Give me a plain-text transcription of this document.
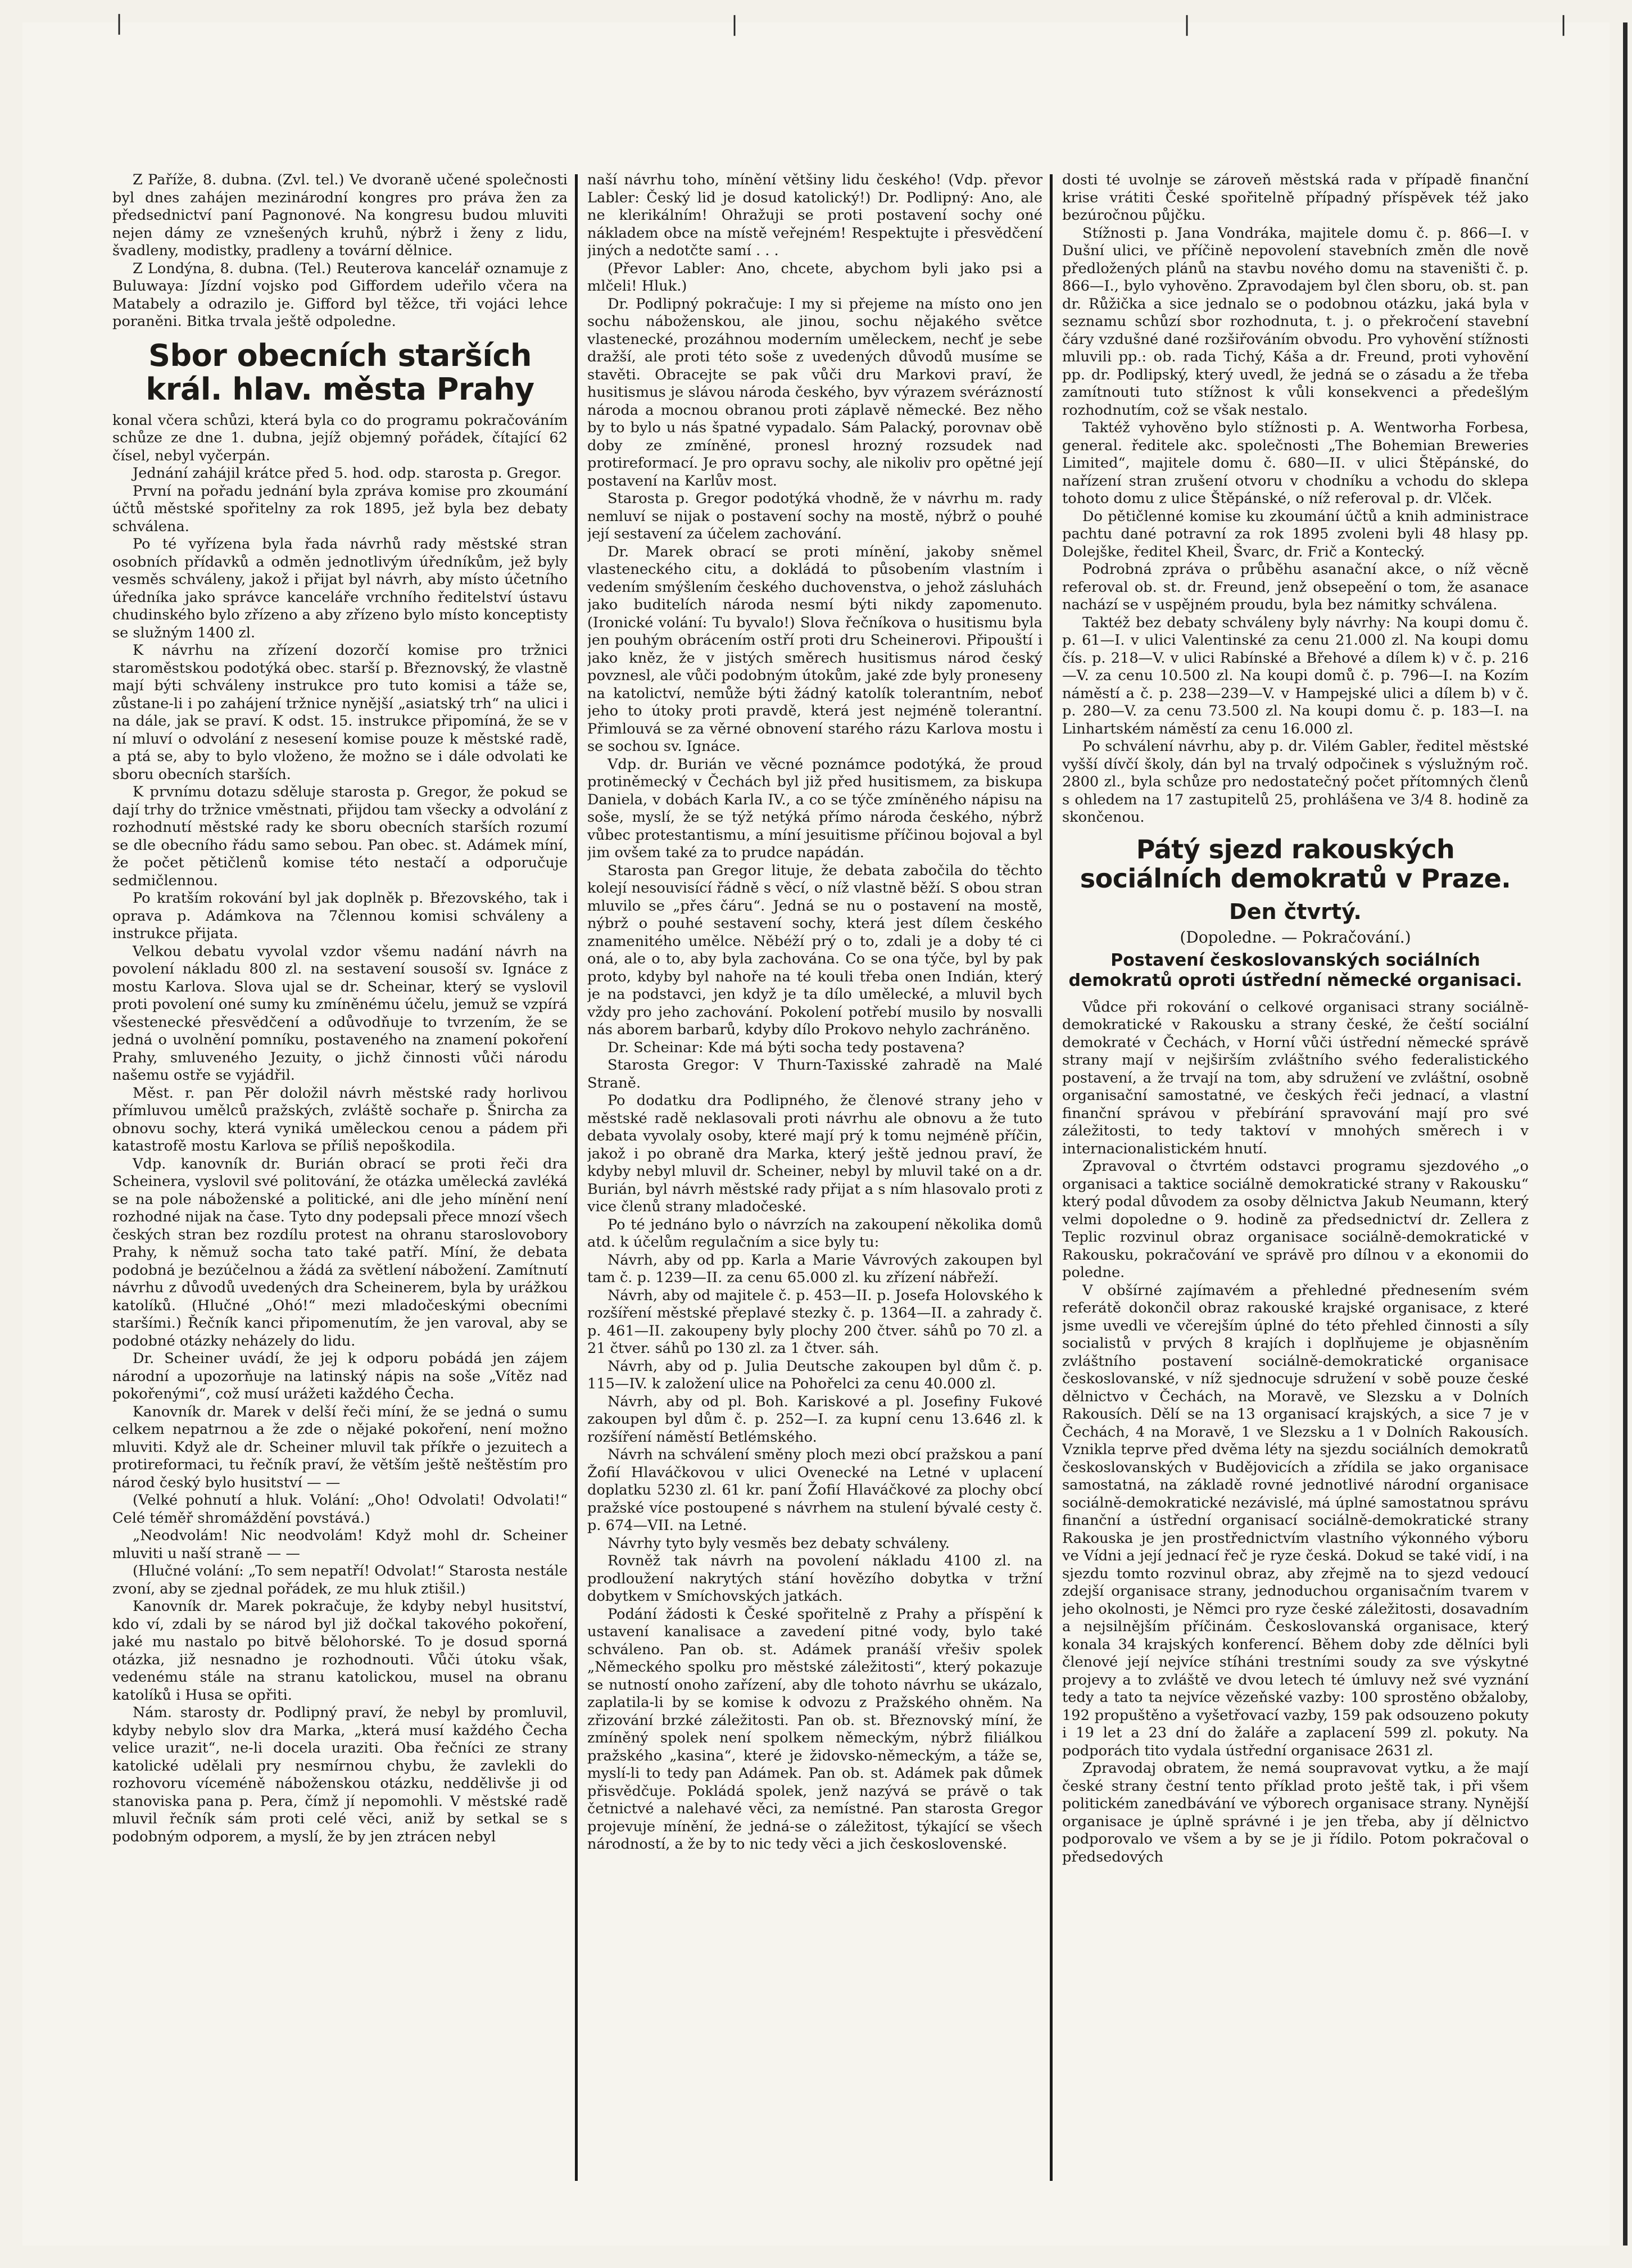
ᛁ	ᛁ	ᛁ	ᛁ

Z Paříže, 8. dubna. (Zvl. tel.) Ve dvoraně učené společnosti byl dnes zahájen mezinárodní kongres pro práva žen za předsednictví paní Pagnonové. Na kongresu budou mluviti nejen dámy ze vznešených kruhů, nýbrž i ženy z lidu, švadleny, modistky, pradleny a tovární dělnice.

Z Londýna, 8. dubna. (Tel.) Reuterova kancelář oznamuje z Buluwaya: Jízdní vojsko pod Giffordem udeřilo včera na Matabely a odrazilo je. Gifford byl těžce, tři vojáci lehce poraněni. Bitka trvala ještě odpoledne.

Sbor obecních starších král. hlav. města Prahy

konal včera schůzi, která byla co do programu pokračováním schůze ze dne 1. dubna, jejíž objemný pořádek, čítající 62 čísel, nebyl vyčerpán.

Jednání zahájil krátce před 5. hod. odp. starosta p. Gregor.

První na pořadu jednání byla zpráva komise pro zkoumání účtů městské spořitelny za rok 1895, jež byla bez debaty schválena.

Po té vyřízena byla řada návrhů rady městské stran osobních přídavků a odměn jednotlivým úředníkům, jež byly vesměs schváleny, jakož i přijat byl návrh, aby místo účetního úředníka jako správce kanceláře vrchního ředitelství ústavu chudinského bylo zřízeno a aby zřízeno bylo místo konceptisty se služným 1400 zl.

K návrhu na zřízení dozorčí komise pro tržnici staroměstskou podotýká obec. starší p. Březnovský, že vlastně mají býti schváleny instrukce pro tuto komisi a táže se, zůstane-li i po zahájení tržnice nynější „asiatský trh“ na ulici i na dále, jak se praví. K odst. 15. instrukce připomíná, že se v ní mluví o odvolání z nesesení komise pouze k městské radě, a ptá se, aby to bylo vloženo, že možno se i dále odvolati ke sboru obecních starších.

K prvnímu dotazu sděluje starosta p. Gregor, že pokud se dají trhy do tržnice vměstnati, přijdou tam všecky a odvolání z rozhodnutí městské rady ke sboru obecních starších rozumí se dle obecního řádu samo sebou. Pan obec. st. Adámek míní, že počet pětičlenů komise této nestačí a odporučuje sedmičlennou.

Po kratším rokování byl jak doplněk p. Březovského, tak i oprava p. Adámkova na 7člennou komisi schváleny a instrukce přijata.

Velkou debatu vyvolal vzdor všemu nadání návrh na povolení nákladu 800 zl. na sestavení sousoší sv. Ignáce z mostu Karlova. Slova ujal se dr. Scheinar, který se vyslovil proti povolení oné sumy ku zmíněnému účelu, jemuž se vzpírá všestenecké přesvědčení a odůvodňuje to tvrzením, že se jedná o uvolnění pomníku, postaveného na znamení pokoření Prahy, smluveného Jezuity, o jichž činnosti vůči národu našemu ostře se vyjádřil.

Měst. r. pan Pěr doložil návrh městské rady horlivou přímluvou umělců pražských, zvláště sochaře p. Šnircha za obnovu sochy, která vyniká uměleckou cenou a pádem při katastrofě mostu Karlova se příliš nepoškodila.

Vdp. kanovník dr. Burián obrací se proti řeči dra Scheinera, vyslovil své politování, že otázka umělecká zavléká se na pole náboženské a politické, ani dle jeho mínění není rozhodné nijak na čase. Tyto dny podepsali přece mnozí všech českých stran bez rozdílu protest na ohranu staroslovobory Prahy, k němuž socha tato také patří. Míní, že debata podobná je bezúčelnou a žádá za světlení nábožení. Zamítnutí návrhu z důvodů uvedených dra Scheinerem, byla by urážkou katolíků. (Hlučné „Ohó!“ mezi mladočeskými obecními staršími.) Řečník kanci připomenutím, že jen varoval, aby se podobné otázky neházely do lidu.

Dr. Scheiner uvádí, že jej k odporu pobádá jen zájem národní a upozorňuje na latinský nápis na soše „Vítěz nad pokořenými“, což musí urážeti každého Čecha.

Kanovník dr. Marek v delší řeči míní, že se jedná o sumu celkem nepatrnou a že zde o nějaké pokoření, není možno mluviti. Když ale dr. Scheiner mluvil tak příkře o jezuitech a protireformaci, tu řečník praví, že větším ještě neštěstím pro národ český bylo husitství — —

(Velké pohnutí a hluk. Volání: „Oho! Odvolati! Odvolati!“ Celé téměř shromáždění povstává.)

„Neodvolám! Nic neodvolám! Když mohl dr. Scheiner mluviti u naší straně — —

(Hlučné volání: „To sem nepatří! Odvolat!“ Starosta nestále zvoní, aby se zjednal pořádek, ze mu hluk ztišil.)

Kanovník dr. Marek pokračuje, že kdyby nebyl husitství, kdo ví, zdali by se národ byl již dočkal takového pokoření, jaké mu nastalo po bitvě bělohorské. To je dosud sporná otázka, již nesnadno je rozhodnouti. Vůči útoku však, vedenému stále na stranu katolickou, musel na obranu katolíků i Husa se opřiti.

Nám. starosty dr. Podlipný praví, že nebyl by promluvil, kdyby nebylo slov dra Marka, „která musí každého Čecha velice urazit“, ne-li docela uraziti. Oba řečníci ze strany katolické udělali pry nesmírnou chybu, že zavlekli do rozhovoru víceméně náboženskou otázku, neddělivše ji od stanoviska pana p. Pera, čímž jí nepomohli. V městské radě mluvil řečník sám proti celé věci, aniž by setkal se s podobným odporem, a myslí, že by jen ztrácen nebyl

naší návrhu toho, mínění většiny lidu českého! (Vdp. převor Labler: Český lid je dosud katolický!) Dr. Podlipný: Ano, ale ne klerikálním! Ohražuji se proti postavení sochy oné nákladem obce na místě veřejném! Respektujte i přesvědčení jiných a nedotčte samí . . .

(Převor Labler: Ano, chcete, abychom byli jako psi a mlčeli! Hluk.)

Dr. Podlipný pokračuje: I my si přejeme na místo ono jen sochu náboženskou, ale jinou, sochu nějakého světce vlastenecké, prozáhnou moderním uměleckem, nechť je sebe dražší, ale proti této soše z uvedených důvodů musíme se stavěti. Obracejte se pak vůči dru Markovi praví, že husitismus je slávou národa českého, byv výrazem svérázností národa a mocnou obranou proti záplavě německé. Bez něho by to bylo u nás špatné vypadalo. Sám Palacký, porovnav obě doby ze zmíněné, pronesl hrozný rozsudek nad protireformací. Je pro opravu sochy, ale nikoliv pro opětné její postavení na Karlův most.

Starosta p. Gregor podotýká vhodně, že v návrhu m. rady nemluví se nijak o postavení sochy na mostě, nýbrž o pouhé její sestavení za účelem zachování.

Dr. Marek obrací se proti mínění, jakoby sněmel vlasteneckého citu, a dokládá to působením vlastním i vedením smýšlením českého duchovenstva, o jehož zásluhách jako buditelích národa nesmí býti nikdy zapomenuto. (Ironické volání: Tu byvalo!) Slova řečníkova o husitismu byla jen pouhým obrácením ostří proti dru Scheinerovi. Připouští i jako kněz, že v jistých směrech husitismus národ český povznesl, ale vůči podobným útokům, jaké zde byly proneseny na katolictví, nemůže býti žádný katolík tolerantním, neboť jeho to útoky proti pravdě, která jest nejméně tolerantní. Přimlouvá se za věrné obnovení starého rázu Karlova mostu i se sochou sv. Ignáce.

Vdp. dr. Burián ve věcné poznámce podotýká, že proud protiněmecký v Čechách byl již před husitismem, za biskupa Daniela, v dobách Karla IV., a co se týče zmíněného nápisu na soše, myslí, že se týž netýká přímo národa českého, nýbrž vůbec protestantismu, a míní jesuitisme příčinou bojoval a byl jim ovšem také za to prudce napádán.

Starosta pan Gregor lituje, že debata zabočila do těchto kolejí nesouvisící řádně s věcí, o níž vlastně běží. S obou stran mluvilo se „přes čáru“. Jedná se nu o postavení na mostě, nýbrž o pouhé sestavení sochy, která jest dílem českého znamenitého umělce. Něbéží prý o to, zdali je a doby té ci oná, ale o to, aby byla zachována. Co se ona týče, byl by pak proto, kdyby byl nahoře na té kouli třeba onen Indián, který je na podstavci, jen když je ta dílo umělecké, a mluvil bych vždy pro jeho zachování. Pokolení potřebí musilo by nosvalli nás aborem barbarů, kdyby dílo Prokovo nehylo zachráněno.

Dr. Scheinar: Kde má býti socha tedy postavena?

Starosta Gregor: V Thurn-Taxisské zahradě na Malé Straně.

Po dodatku dra Podlipného, že členové strany jeho v městské radě neklasovali proti návrhu ale obnovu a že tuto debata vyvolaly osoby, které mají prý k tomu nejméně příčin, jakož i po obraně dra Marka, který ještě jednou praví, že kdyby nebyl mluvil dr. Scheiner, nebyl by mluvil také on a dr. Burián, byl návrh městské rady přijat a s ním hlasovalo proti z vice členů strany mladočeské.

Po té jednáno bylo o návrzích na zakoupení několika domů atd. k účelům regulačním a sice byly tu:

Návrh, aby od pp. Karla a Marie Vávrových zakoupen byl tam č. p. 1239—II. za cenu 65.000 zl. ku zřízení nábřeží.

Návrh, aby od majitele č. p. 453—II. p. Josefa Holovského k rozšíření městské přeplavé stezky č. p. 1364—II. a zahrady č. p. 461—II. zakoupeny byly plochy 200 čtver. sáhů po 70 zl. a 21 čtver. sáhů po 130 zl. za 1 čtver. sáh.

Návrh, aby od p. Julia Deutsche zakoupen byl dům č. p. 115—IV. k založení ulice na Pohořelci za cenu 40.000 zl.

Návrh, aby od pl. Boh. Kariskové a pl. Josefiny Fukové zakoupen byl dům č. p. 252—I. za kupní cenu 13.646 zl. k rozšíření náměstí Betlémského.

Návrh na schválení směny ploch mezi obcí pražskou a paní Žofií Hlaváčkovou v ulici Ovenecké na Letné v uplacení doplatku 5230 zl. 61 kr. paní Žofií Hlaváčkové za plochy obcí pražské více postoupené s návrhem na stulení bývalé cesty č. p. 674—VII. na Letné.

Návrhy tyto byly vesměs bez debaty schváleny.

Rovněž tak návrh na povolení nákladu 4100 zl. na prodloužení nakrytých stání hovězího dobytka v tržní dobytkem v Smíchovských jatkách.

Podání žádosti k České spořitelně z Prahy a příspění k ustavení kanalisace a zavedení pitné vody, bylo také schváleno. Pan ob. st. Adámek pranáší vřešiv spolek „Německého spolku pro městské záležitosti“, který pokazuje se nutností onoho zařízení, aby dle tohoto návrhu se ukázalo, zaplatila-li by se komise k odvozu z Pražského ohněm. Na zřizování brzké záležitosti. Pan ob. st. Březnovský míní, že zmíněný spolek není spolkem německým, nýbrž filiálkou pražského „kasina“, které je židovsko-německým, a táže se, myslí-li to tedy pan Adámek. Pan ob. st. Adámek pak důmek přisvědčuje. Pokládá spolek, jenž nazývá se právě o tak četnictvé a nalehavé věci, za nemístné. Pan starosta Gregor projevuje mínění, že jedná-se o záležitost, týkající se všech národností, a že by to nic tedy věci a jich československé.

dosti té uvolnje se zároveň městská rada v případě finanční krise vrátiti České spořitelně případný příspěvek též jako bezúročnou půjčku.

Stížnosti p. Jana Vondráka, majitele domu č. p. 866—I. v Dušní ulici, ve příčině nepovolení stavebních změn dle nově předložených plánů na stavbu nového domu na staveništi č. p. 866—I., bylo vyhověno. Zpravodajem byl člen sboru, ob. st. pan dr. Růžička a sice jednalo se o podobnou otázku, jaká byla v seznamu schůzí sbor rozhodnuta, t. j. o překročení stavební čáry vzdušné dané rozšiřováním obvodu. Pro vyhovění stížnosti mluvili pp.: ob. rada Tichý, Káša a dr. Freund, proti vyhovění pp. dr. Podlipský, který uvedl, že jedná se o zásadu a že třeba zamítnouti tuto stížnost k vůli konsekvenci a předešlým rozhodnutím, což se však nestalo.

Taktéž vyhověno bylo stížnosti p. A. Wentworha Forbesa, general. ředitele akc. společnosti „The Bohemian Breweries Limited“, majitele domu č. 680—II. v ulici Štěpánské, do nařízení stran zrušení otvoru v chodníku a vchodu do sklepa tohoto domu z ulice Štěpánské, o níž referoval p. dr. Vlček.

Do pětičlenné komise ku zkoumání účtů a knih administrace pachtu dané potravní za rok 1895 zvoleni byli 48 hlasy pp. Dolejške, ředitel Kheil, Švarc, dr. Frič a Kontecký.

Podrobná zpráva o průběhu asanační akce, o níž věcně referoval ob. st. dr. Freund, jenž obsepeění o tom, že asanace nachází se v uspějném proudu, byla bez námitky schválena.

Taktéž bez debaty schváleny byly návrhy: Na koupi domu č. p. 61—I. v ulici Valentinské za cenu 21.000 zl. Na koupi domu čís. p. 218—V. v ulici Rabínské a Břehové a dílem k) v č. p. 216—V. za cenu 10.500 zl. Na koupi domů č. p. 796—I. na Kozím náměstí a č. p. 238—239—V. v Hampejské ulici a dílem b) v č. p. 280—V. za cenu 73.500 zl. Na koupi domu č. p. 183—I. na Linhartském náměstí za cenu 16.000 zl.

Po schválení návrhu, aby p. dr. Vilém Gabler, ředitel městské vyšší dívčí školy, dán byl na trvalý odpočinek s výslužným roč. 2800 zl., byla schůze pro nedostatečný počet přítomných členů s ohledem na 17 zastupitelů 25, prohlášena ve 3/4 8. hodině za skončenou.

Pátý sjezd rakouských sociálních demokratů v Praze.
Den čtvrtý.
(Dopoledne. — Pokračování.)
Postavení českoslovanských sociálních demokratů oproti ústřední německé organisaci.

Vůdce při rokování o celkové organisaci strany sociálně-demokratické v Rakousku a strany české, že čeští sociální demokraté v Čechách, v Horní vůči ústřední německé správě strany mají v nejširším zvláštního svého federalistického postavení, a že trvají na tom, aby sdružení ve zvláštní, osobně organisační samostatné, ve českých řeči jednací, a vlastní finanční správou v přebírání spravování mají pro své záležitosti, to tedy taktoví v mnohých směrech i v internacionalistickém hnutí.

Zpravoval o čtvrtém odstavci programu sjezdového „o organisaci a taktice sociálně demokratické strany v Rakousku“ který podal důvodem za osoby dělnictva Jakub Neumann, který velmi dopoledne o 9. hodině za předsednictví dr. Zellera z Teplic rozvinul obraz organisace sociálně-demokratické v Rakousku, pokračování ve správě pro dílnou v a ekonomii do poledne.

V obšírné zajímavém a přehledné přednesením svém referátě dokončil obraz rakouské krajské organisace, z které jsme uvedli ve včerejším úplné do této přehled činnosti a síly socialistů v prvých 8 krajích i doplňujeme je objasněním zvláštního postavení sociálně-demokratické organisace českoslovanské, v níž sjednocuje sdružení v sobě pouze české dělnictvo v Čechách, na Moravě, ve Slezsku a v Dolních Rakousích. Dělí se na 13 organisací krajských, a sice 7 je v Čechách, 4 na Moravě, 1 ve Slezsku a 1 v Dolních Rakousích. Vznikla teprve před dvěma léty na sjezdu sociálních demokratů českoslovanských v Budějovicích a zřídila se jako organisace samostatná, na základě rovné jednotlivé národní organisace sociálně-demokratické nezávislé, má úplné samostatnou správu finanční a ústřední organisací sociálně-demokratické strany Rakouska je jen prostřednictvím vlastního výkonného výboru ve Vídni a její jednací řeč je ryze česká. Dokud se také vidí, i na sjezdu tomto rozvinul obraz, aby zřejmě na to sjezd vedoucí zdejší organisace strany, jednoduchou organisačním tvarem v jeho okolnosti, je Němci pro ryze české záležitosti, dosavadním a nejsilnějším příčinám. Českoslovanská organisace, který konala 34 krajských konferencí. Během doby zde dělníci byli členové její nejvíce stíháni trestními soudy za sve výskytné projevy a to zvláště ve dvou letech té úmluvy než své vyznání tedy a tato ta nejvíce vězeňské vazby: 100 sprostěno obžaloby, 192 propuštěno a vyšetřovací vazby, 159 pak odsouzeno pokuty i 19 let a 23 dní do žaláře a zaplacení 599 zl. pokuty. Na podporách tito vydala ústřední organisace 2631 zl.

Zpravodaj obratem, že nemá soupravovat vytku, a že mají české strany čestní tento příklad proto ještě tak, i při všem politickém zanedbávání ve výborech organisace strany. Nynější organisace je úplně správné i je jen třeba, aby jí dělnictvo podporovalo ve všem a by se je ji řídilo. Potom pokračoval o předsedových
